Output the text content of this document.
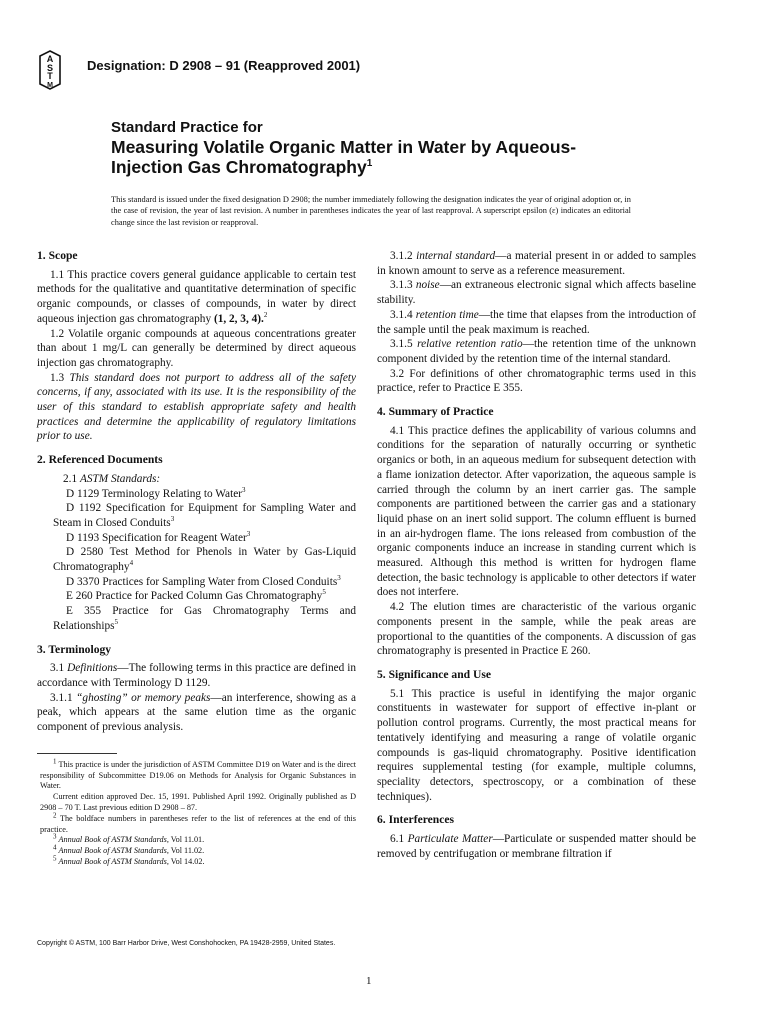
A
S
T
M
Designation: D 2908 – 91 (Reapproved 2001)
Standard Practice for
Measuring Volatile Organic Matter in Water by Aqueous-Injection Gas Chromatography$^1$
This standard is issued under the fixed designation D 2908; the number immediately following the designation indicates the year of original adoption or, in the case of revision, the year of last revision. A number in parentheses indicates the year of last reapproval. A superscript epsilon (ε) indicates an editorial change since the last revision or reapproval.
1. Scope

1.1 This practice covers general guidance applicable to certain test methods for the qualitative and quantitative determination of specific organic compounds, or classes of compounds, in water by direct aqueous injection gas chromatography (1, 2, 3, 4).$^2$

1.2 Volatile organic compounds at aqueous concentrations greater than about 1 mg/L can generally be determined by direct aqueous injection gas chromatography.

1.3 This standard does not purport to address all of the safety concerns, if any, associated with its use. It is the responsibility of the user of this standard to establish appropriate safety and health practices and determine the applicability of regulatory limitations prior to use.

2. Referenced Documents

2.1 ASTM Standards:

D 1129 Terminology Relating to Water$^3$

D 1192 Specification for Equipment for Sampling Water and Steam in Closed Conduits$^3$

D 1193 Specification for Reagent Water$^3$

D 2580 Test Method for Phenols in Water by Gas-Liquid Chromatography$^4$

D 3370 Practices for Sampling Water from Closed Conduits$^3$

E 260 Practice for Packed Column Gas Chromatography$^5$

E 355 Practice for Gas Chromatography Terms and Relationships$^5$

3. Terminology

3.1 Definitions—The following terms in this practice are defined in accordance with Terminology D 1129.

3.1.1 “ghosting” or memory peaks—an interference, showing as a peak, which appears at the same elution time as the organic component of previous analysis.

$^1$ This practice is under the jurisdiction of ASTM Committee D19 on Water and is the direct responsibility of Subcommittee D19.06 on Methods for Analysis for Organic Substances in Water.

Current edition approved Dec. 15, 1991. Published April 1992. Originally published as D 2908 – 70 T. Last previous edition D 2908 – 87.

$^2$ The boldface numbers in parentheses refer to the list of references at the end of this practice.

$^3$ Annual Book of ASTM Standards, Vol 11.01.

$^4$ Annual Book of ASTM Standards, Vol 11.02.

$^5$ Annual Book of ASTM Standards, Vol 14.02.

3.1.2 internal standard—a material present in or added to samples in known amount to serve as a reference measurement.

3.1.3 noise—an extraneous electronic signal which affects baseline stability.

3.1.4 retention time—the time that elapses from the introduction of the sample until the peak maximum is reached.

3.1.5 relative retention ratio—the retention time of the unknown component divided by the retention time of the internal standard.

3.2 For definitions of other chromatographic terms used in this practice, refer to Practice E 355.

4. Summary of Practice

4.1 This practice defines the applicability of various columns and conditions for the separation of naturally occurring or synthetic organics or both, in an aqueous medium for subsequent detection with a flame ionization detector. After vaporization, the aqueous sample is carried through the column by an inert carrier gas. The sample components are partitioned between the carrier gas and a stationary liquid phase on an inert solid support. The column effluent is burned in an air-hydrogen flame. The ions released from combustion of the organic components induce an increase in standing current which is measured. Although this method is written for hydrogen flame detection, the basic technology is applicable to other detectors if water does not interfere.

4.2 The elution times are characteristic of the various organic components present in the sample, while the peak areas are proportional to the quantities of the components. A discussion of gas chromatography is presented in Practice E 260.

5. Significance and Use

5.1 This practice is useful in identifying the major organic constituents in wastewater for support of effective in-plant or pollution control programs. Currently, the most practical means for tentatively identifying and measuring a range of volatile organic compounds is gas-liquid chromatography. Positive identification requires supplemental testing (for example, multiple columns, speciality detectors, spectroscopy, or a combination of these techniques).

6. Interferences

6.1 Particulate Matter—Particulate or suspended matter should be removed by centrifugation or membrane filtration if

Copyright © ASTM, 100 Barr Harbor Drive, West Conshohocken, PA 19428-2959, United States.
1
